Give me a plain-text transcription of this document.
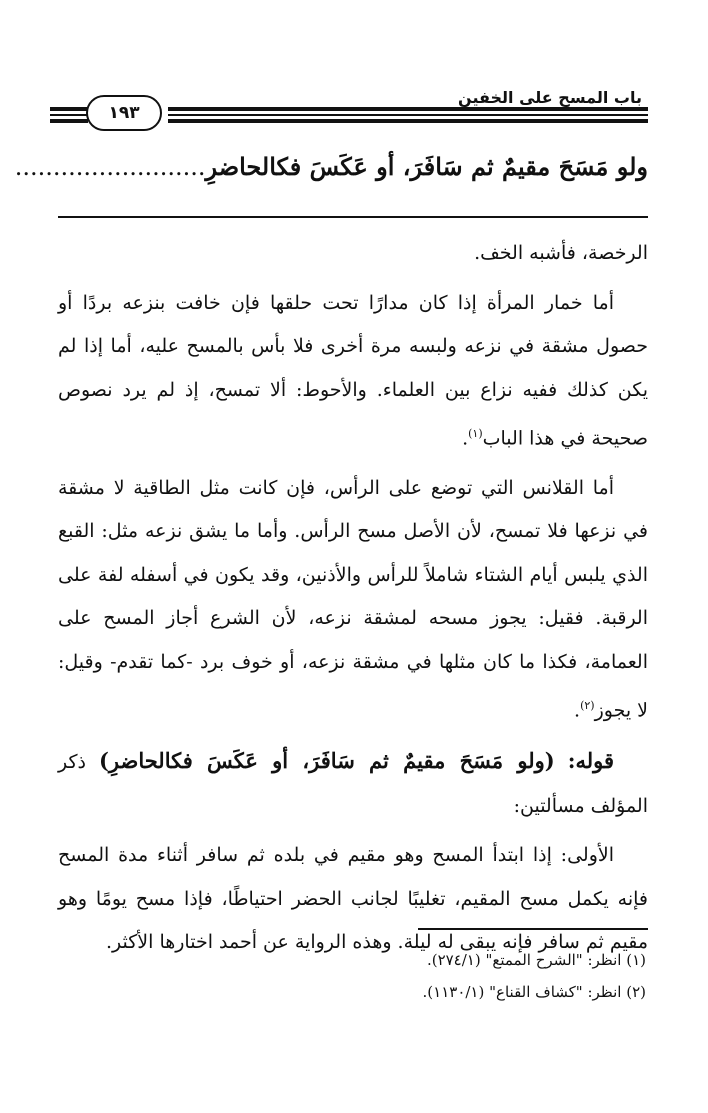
باب المسح على الخفين
١٩٣
ولو مَسَحَ مقيمٌ ثم سَافَرَ، أو عَكَسَ فكالحاضرِ.........................

الرخصة، فأشبه الخف.

أما خمار المرأة إذا كان مدارًا تحت حلقها فإن خافت بنزعه بردًا أو حصول مشقة في نزعه ولبسه مرة أخرى فلا بأس بالمسح عليه، أما إذا لم يكن كذلك ففيه نزاع بين العلماء. والأحوط: ألا تمسح، إذ لم يرد نصوص صحيحة في هذا الباب$^{(١)}$.

أما القلانس التي توضع على الرأس، فإن كانت مثل الطاقية لا مشقة في نزعها فلا تمسح، لأن الأصل مسح الرأس. وأما ما يشق نزعه مثل: القبع الذي يلبس أيام الشتاء شاملاً للرأس والأذنين، وقد يكون في أسفله لفة على الرقبة. فقيل: يجوز مسحه لمشقة نزعه، لأن الشرع أجاز المسح على العمامة، فكذا ما كان مثلها في مشقة نزعه، أو خوف برد -كما تقدم- وقيل: لا يجوز$^{(٢)}$.

قوله: (ولو مَسَحَ مقيمٌ ثم سَافَرَ، أو عَكَسَ فكالحاضرِ) ذكر المؤلف مسألتين:

الأولى: إذا ابتدأ المسح وهو مقيم في بلده ثم سافر أثناء مدة المسح فإنه يكمل مسح المقيم، تغليبًا لجانب الحضر احتياطًا، فإذا مسح يومًا وهو مقيم ثم سافر فإنه يبقى له ليلة. وهذه الرواية عن أحمد اختارها الأكثر.

(١) انظر: "الشرح الممتع" (٢٧٤/١).
(٢) انظر: "كشاف القناع" (١١٣٠/١).
